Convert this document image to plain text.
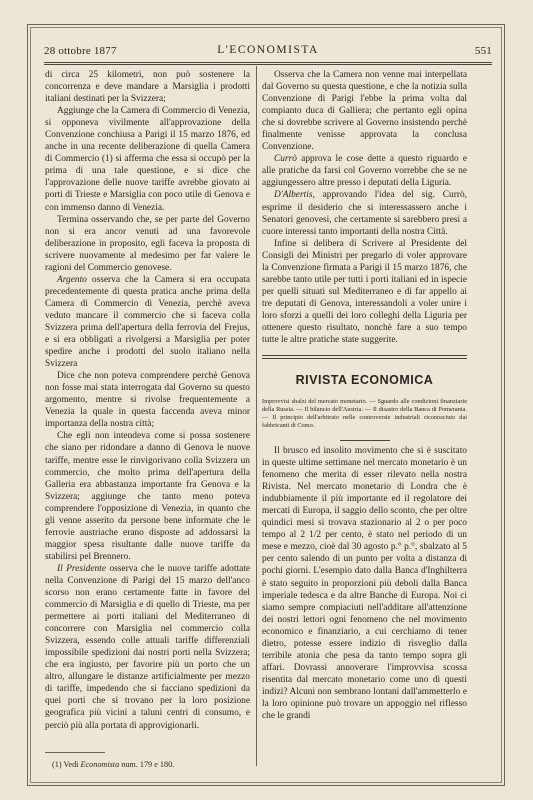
28 ottobre 1877	L'ECONOMISTA	551

di circa 25 kilometri, non può sostenere la concorrenza e deve mandare a Marsiglia i prodotti italiani destinati per la Svizzera;

Aggiunge che la Camera di Commercio di Venezia, si opponeva vivilmente all'approvazione della Convenzione conchiusa a Parigi il 15 marzo 1876, ed anche in una recente deliberazione di quella Camera di Commercio (1) si afferma che essa si occupò per la prima di una tale questione, e si dice che l'approvazione delle nuove tariffe avrebbe giovato ai porti di Trieste e Marsiglia con poco utile di Genova e con immenso danno di Venezia.

Termina osservando che, se per parte del Governo non si era ancor venuti ad una favorevole deliberazione in proposito, egli faceva la proposta di scrivere nuovamente al medesimo per far valere le ragioni del Commercio genovese.

Argento osserva che la Camera si era occupata precedentemente di questa pratica anche prima della Camera di Commercio di Venezia, perchè aveva veduto mancare il commercio che si faceva colla Svizzera prima dell'apertura della ferrovia del Frejus, e si era obbligati a rivolgersi a Marsiglia per poter spedire anche i prodotti del suolo italiano nella Svizzera

Dice che non poteva comprendere perchè Genova non fosse mai stata interrogata dal Governo su questo argomento, mentre si rivolse frequentemente a Venezia la quale in questa faccenda aveva minor importanza della nostra città;

Che egli non intendeva come si possa sostenere che siano per ridondare a danno di Genova le nuove tariffe, mentre esse le rinvigorivano colla Svizzera un commercio, che molto prima dell'apertura della Galleria era abbastanza importante fra Genova e la Svizzera; aggiunge che tanto meno poteva comprendere l'opposizione di Venezia, in quanto che gli venne asserito da persone bene informate che le ferrovie austriache erano disposte ad addossarsi la maggior spesa risultante dalle nuove tariffe da stabilirsi pel Brennero.

Il Presidente osserva che le nuove tariffe adottate nella Convenzione di Parigi del 15 marzo dell'anco scorso non erano certamente fatte in favore del commercio di Marsiglia e di quello di Trieste, ma per permettere ai porti italiani del Mediterraneo di concorrere con Marsiglia nel commercio colla Svizzera, essendo colle attuali tariffe differenziali impossibile spedizioni dai nostri porti nella Svizzera; che era ingiusto, per favorire più un porto che un altro, allungare le distanze artificialmente per mezzo di tariffe, impedendo che si facciano spedizioni da quei porti che si trovano per la loro posizione geografica più vicini a taluni centri di consumo, e perciò più alla portata di approvigionarli.

Osserva che la Camera non venne mai interpellata dal Governo su questa questione, e che la notizia sulla Convenzione di Parigi l'ebbe la prima volta dal compianto duca di Galliera; che pertanto egli opina che si dovrebbe scrivere al Governo insistendo perchè finalmente venisse approvata la conclusa Convenzione.

Currò approva le cose dette a questo riguardo e alle pratiche da farsi col Governo vorrebbe che se ne aggiungessero altre presso i deputati della Liguria.

D'Albertis, approvando l'idea del sig. Currò, esprime il desiderio che si interessassero anche i Senatori genovesi, che certamente si sarebbero presi a cuore interessi tanto importanti della nostra Città.

Infine si delibera di Scrivere al Presidente del Consigli dei Ministri per pregarlo di voler approvare la Convenzione firmata a Parigi il 15 marzo 1876, che sarebbe tanto utile per tutti i porti italiani ed in ispecie per quelli situati sul Mediterraneo e di far appello ai tre deputati di Genova, interessandoli a voler unire i loro sforzi a quelli dei loro colleghi della Liguria per ottenere questo risultato, nonchè fare a suo tempo tutte le altre pratiche state suggerite.

RIVISTA ECONOMICA
Improvvisi sbalzi del mercato monetario. — Sguardo alle condizioni finanziarie della Russia. — Il bilancio dell'Austria. — Il disastro della Banca di Pomerania. — Il principio dell'arbitrato nelle controversie industriali riconosciuto dai fabbricanti di Como.

Il brusco ed insolito movimento che si è suscitato in queste ultime settimane nel mercato monetario è un fenomeno che merita di esser rilevato nella nostra Rivista. Nel mercato monetario di Londra che è indubbiamente il più importante ed il regolatore dei mercati di Europa, il saggio dello sconto, che per oltre quindici mesi si trovava stazionario al 2 o per poco tempo al 2 1/2 per cento, è stato nel periodo di un mese e mezzo, cioè dal 30 agosto p.° p.°, sbalzato al 5 per cento salendo di un punto per volta a distanza di pochi giorni. L'esempio dato dalla Banca d'Inghilterra è stato seguito in proporzioni più deboli dalla Banca imperiale tedesca e da altre Banche di Europa. Noi ci siamo sempre compiaciuti nell'additare all'attenzione dei nostri lettori ogni fenomeno che nel movimento economico e finanziario, a cui cerchiamo di tener dietro, potesse essere indizio di risveglio dalla terribile atonia che pesa da tanto tempo sopra gli affari. Dovrassi annoverare l'improvvisa scossa risentita dal mercato monetario come uno di questi indizi? Alcuni non sembrano lontani dall'ammetterlo e la loro opinione può trovare un appoggio nel riflesso che le grandi

(1) Vedi Economista num. 179 e 180.
